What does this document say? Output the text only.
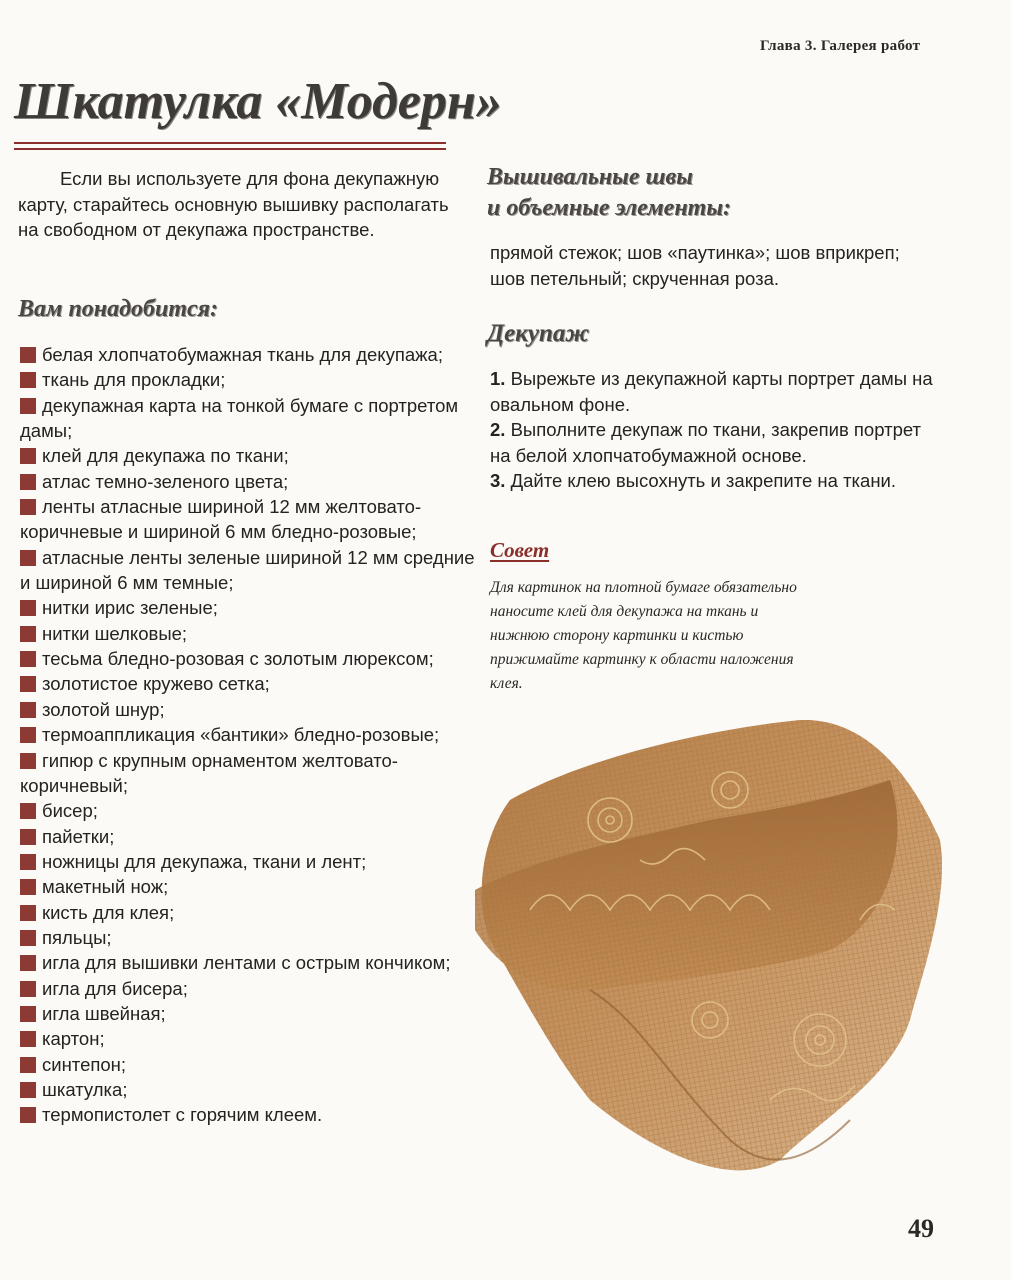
Глава 3. Галерея работ
Шкатулка «Модерн»

Если вы используете для фона декупажную карту, старайтесь основную вышивку располагать на свободном от декупажа пространстве.

Вам понадобится:
белая хлопчатобумажная ткань для декупажа;
ткань для прокладки;
декупажная карта на тонкой бумаге с портретом дамы;
клей для декупажа по ткани;
атлас темно-зеленого цвета;
ленты атласные шириной 12 мм желтовато-коричневые и шириной 6 мм бледно-розовые;
атласные ленты зеленые шириной 12 мм средние и шириной 6 мм темные;
нитки ирис зеленые;
нитки шелковые;
тесьма бледно-розовая с золотым люрексом;
золотистое кружево сетка;
золотой шнур;
термоаппликация «бантики» бледно-розовые;
гипюр с крупным орнаментом желтовато-коричневый;
бисер;
пайетки;
ножницы для декупажа, ткани и лент;
макетный нож;
кисть для клея;
пяльцы;
игла для вышивки лентами с острым кончиком;
игла для бисера;
игла швейная;
картон;
синтепон;
шкатулка;
термопистолет с горячим клеем.
Вышивальные швы
и объемные элементы:
прямой стежок; шов «паутинка»; шов вприкреп; шов петельный; скрученная роза.
Декупаж

1. Вырежьте из декупажной карты портрет дамы на овальном фоне.

2. Выполните декупаж по ткани, закрепив портрет на белой хлопчатобумажной основе.

3. Дайте клею высохнуть и закрепите на ткани.

Совет
Для картинок на плотной бумаге обязательно наносите клей для декупажа на ткань и нижнюю сторону картинки и кистью прижимайте картинку к области наложения клея.
49
